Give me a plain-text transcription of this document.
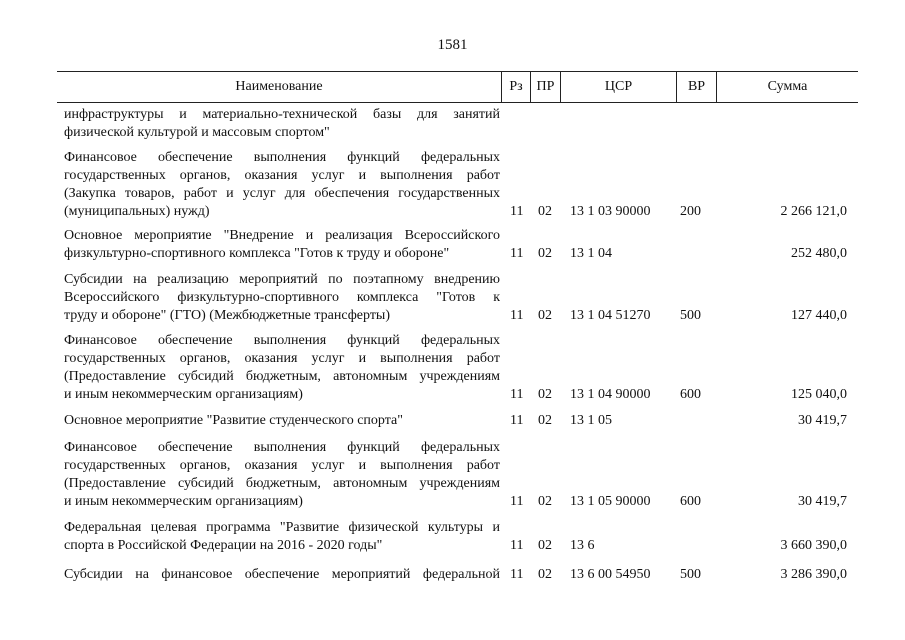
1581
Наименование	Рз ПР	ЦСР	ВР	Сумма
инфраструктуры и материально-технической базы для занятий
физической культурой и массовым спортом"
Финансовое обеспечение выполнения функций федеральных
государственных органов, оказания услуг и выполнения работ
(Закупка товаров, работ и услуг для обеспечения государственных
(муниципальных) нужд)	11 02 13 1 03 90000 200	2 266 121,0
Основное мероприятие "Внедрение и реализация Всероссийского
физкультурно-спортивного комплекса "Готов к труду и обороне"	11 02 13 1 04	252 480,0
Субсидии на реализацию мероприятий по поэтапному внедрению
Всероссийского физкультурно-спортивного комплекса "Готов к
труду и обороне" (ГТО) (Межбюджетные трансферты)	11 02 13 1 04 51270 500	127 440,0
Финансовое обеспечение выполнения функций федеральных
государственных органов, оказания услуг и выполнения работ
(Предоставление субсидий бюджетным, автономным учреждениям
и иным некоммерческим организациям)	11 02 13 1 04 90000 600	125 040,0
Основное мероприятие "Развитие студенческого спорта"	11 02 13 1 05	30 419,7
Финансовое обеспечение выполнения функций федеральных
государственных органов, оказания услуг и выполнения работ
(Предоставление субсидий бюджетным, автономным учреждениям
и иным некоммерческим организациям)	11 02 13 1 05 90000 600	30 419,7
Федеральная целевая программа "Развитие физической культуры и
спорта в Российской Федерации на 2016 - 2020 годы"	11 02 13 6	3 660 390,0
Субсидии на финансовое обеспечение мероприятий федеральной 11 02 13 6 00 54950 500	3 286 390,0
